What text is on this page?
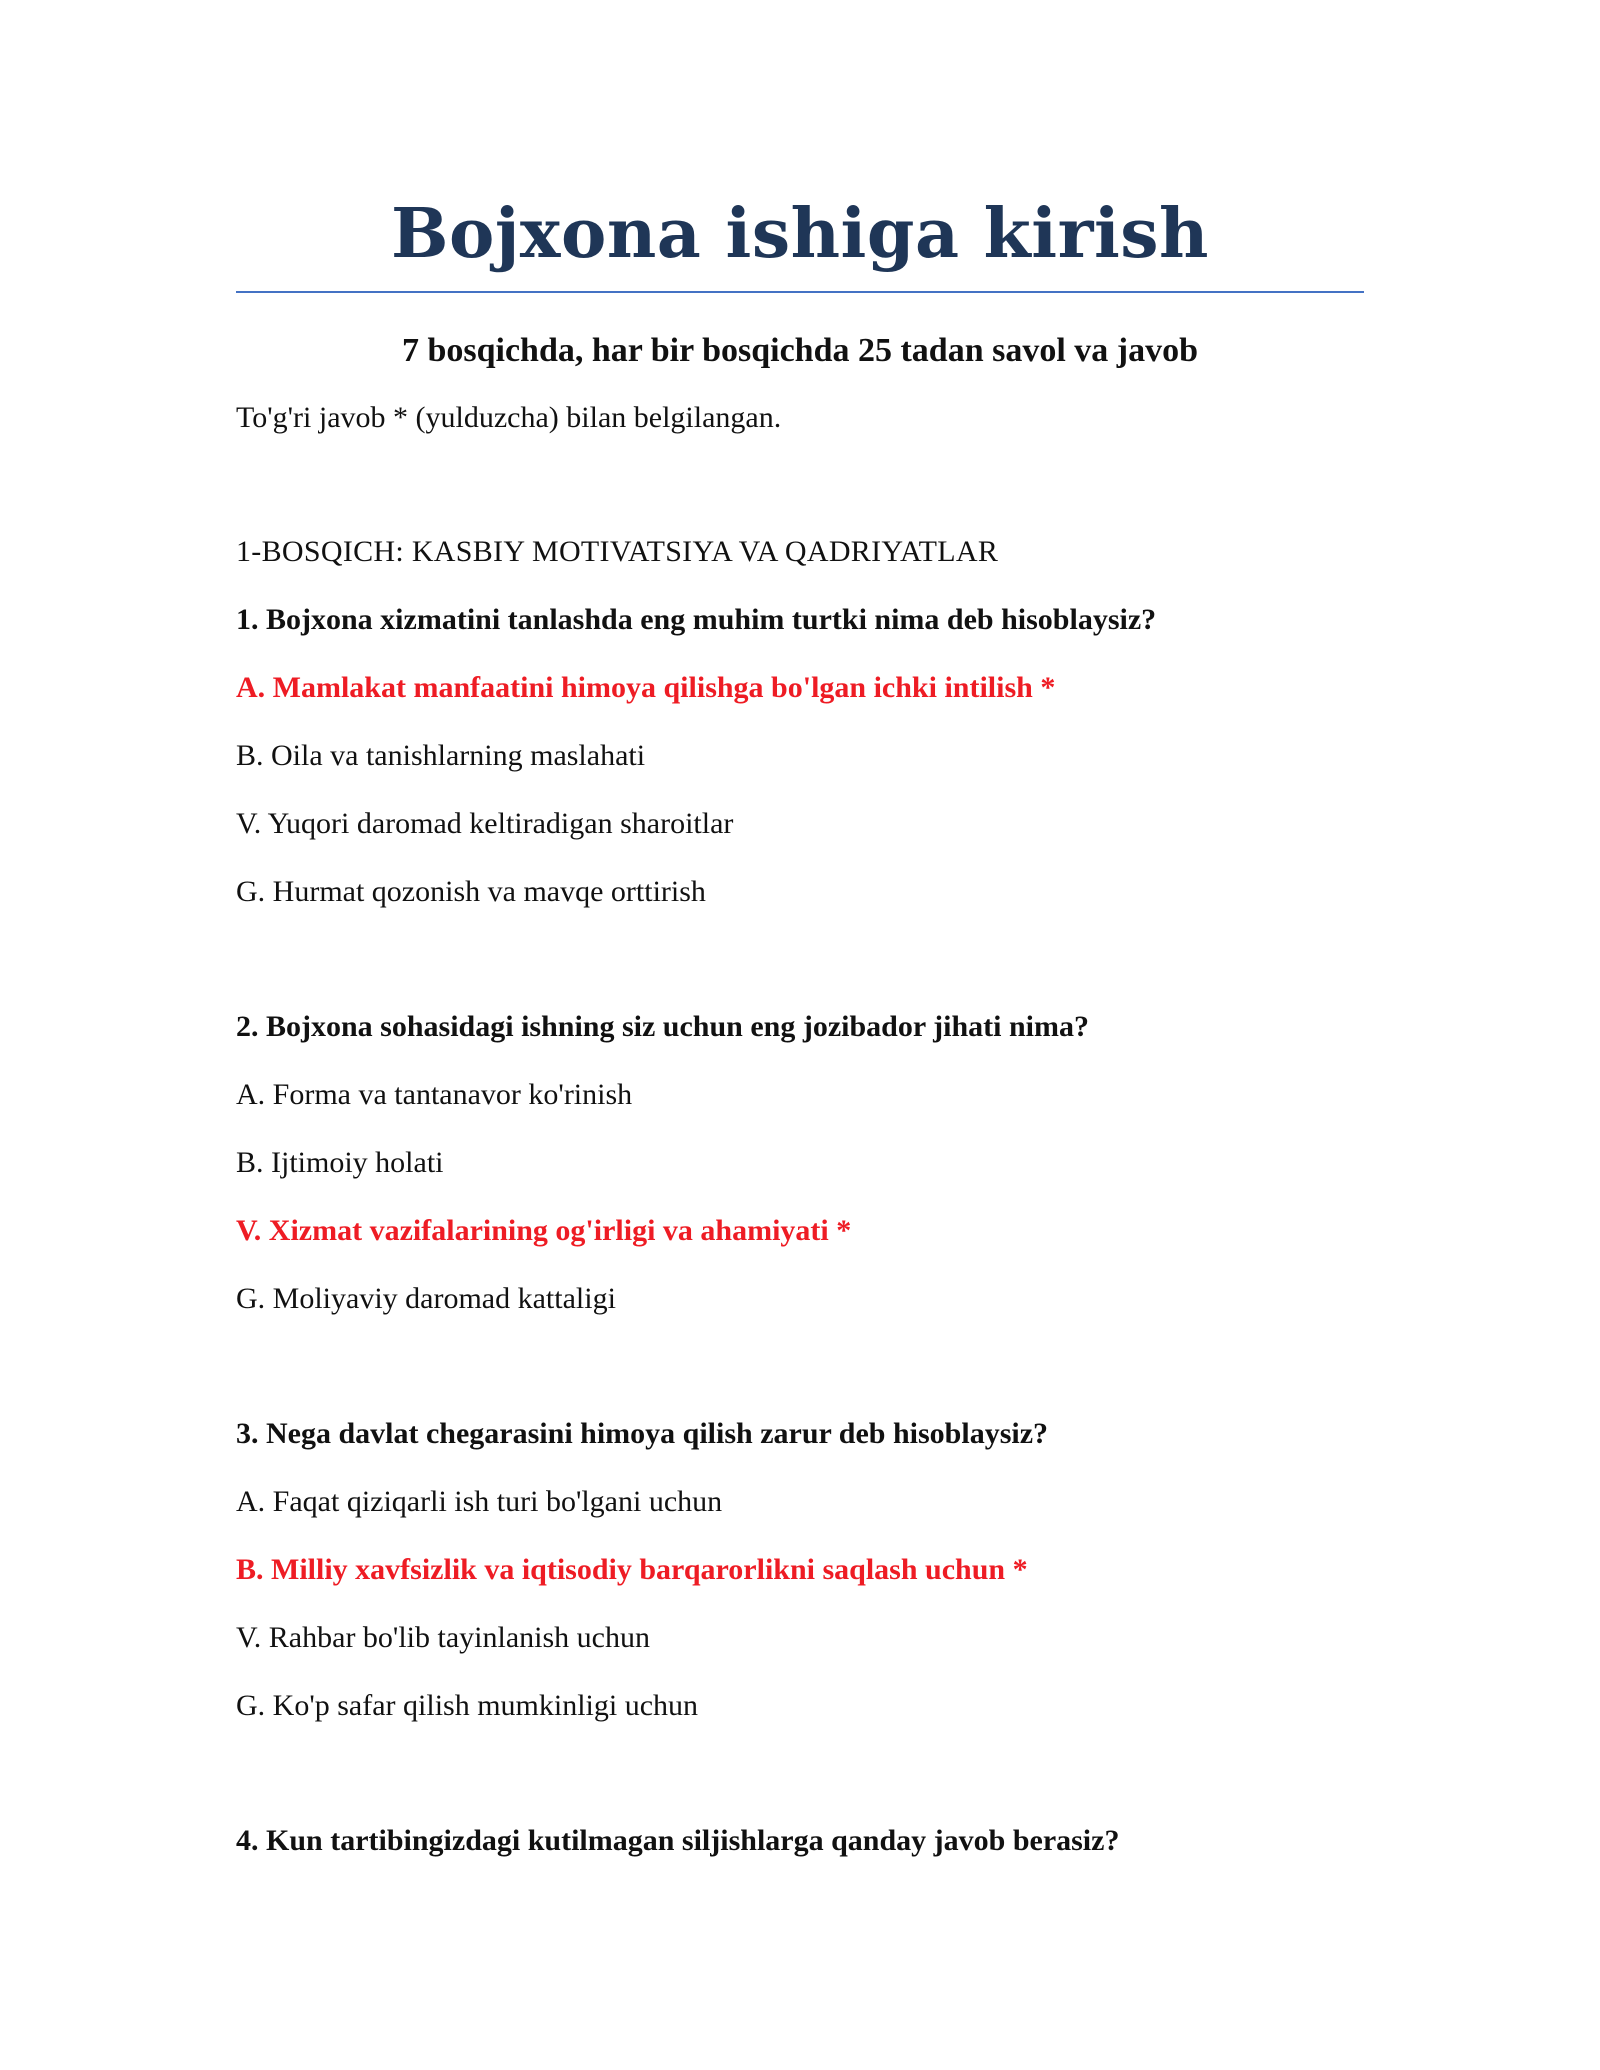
Bojxona ishiga kirish
7 bosqichda, har bir bosqichda 25 tadan savol va javob
To'g'ri javob * (yulduzcha) bilan belgilangan.
1-BOSQICH: KASBIY MOTIVATSIYA VA QADRIYATLAR
1. Bojxona xizmatini tanlashda eng muhim turtki nima deb hisoblaysiz?
A. Mamlakat manfaatini himoya qilishga bo'lgan ichki intilish *
B. Oila va tanishlarning maslahati
V. Yuqori daromad keltiradigan sharoitlar
G. Hurmat qozonish va mavqe orttirish
2. Bojxona sohasidagi ishning siz uchun eng jozibador jihati nima?
A. Forma va tantanavor ko'rinish
B. Ijtimoiy holati
V. Xizmat vazifalarining og'irligi va ahamiyati *
G. Moliyaviy daromad kattaligi
3. Nega davlat chegarasini himoya qilish zarur deb hisoblaysiz?
A. Faqat qiziqarli ish turi bo'lgani uchun
B. Milliy xavfsizlik va iqtisodiy barqarorlikni saqlash uchun *
V. Rahbar bo'lib tayinlanish uchun
G. Ko'p safar qilish mumkinligi uchun
4. Kun tartibingizdagi kutilmagan siljishlarga qanday javob berasiz?
